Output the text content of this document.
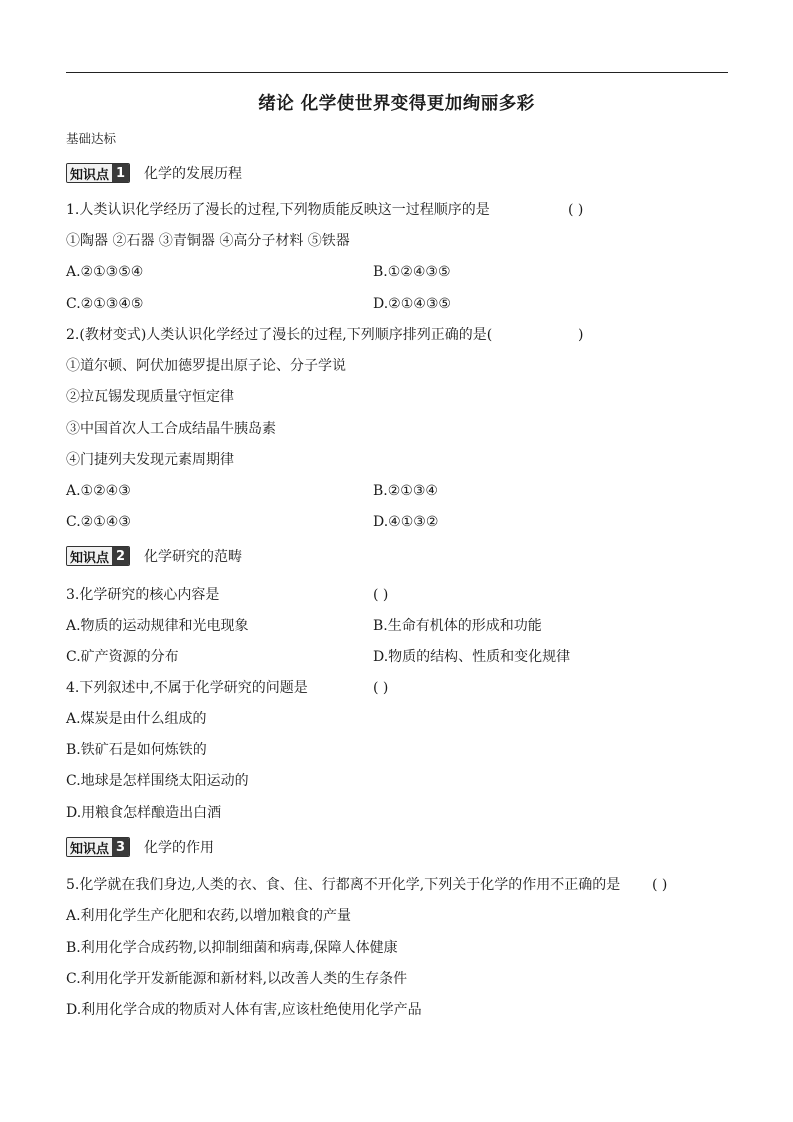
绪论 化学使世界变得更加绚丽多彩
基础达标
知识点 1 化学的发展历程
1.人类认识化学经历了漫长的过程,下列物质能反映这一过程顺序的是	( )
①陶器 ②石器 ③青铜器 ④高分子材料 ⑤铁器
A.②①③⑤④	B.①②④③⑤
C.②①③④⑤	D.②①④③⑤
2.(教材变式)人类认识化学经过了漫长的过程,下列顺序排列正确的是(	)
①道尔顿、阿伏加德罗提出原子论、分子学说
②拉瓦锡发现质量守恒定律
③中国首次人工合成结晶牛胰岛素
④门捷列夫发现元素周期律
A.①②④③	B.②①③④
C.②①④③	D.④①③②
知识点 2 化学研究的范畴
3.化学研究的核心内容是	( )
A.物质的运动规律和光电现象	B.生命有机体的形成和功能
C.矿产资源的分布	D.物质的结构、性质和变化规律
4.下列叙述中,不属于化学研究的问题是	( )
A.煤炭是由什么组成的
B.铁矿石是如何炼铁的
C.地球是怎样围绕太阳运动的
D.用粮食怎样酿造出白酒
知识点 3 化学的作用
5.化学就在我们身边,人类的衣、食、住、行都离不开化学,下列关于化学的作用不正确的是 ( )
A.利用化学生产化肥和农药,以增加粮食的产量
B.利用化学合成药物,以抑制细菌和病毒,保障人体健康
C.利用化学开发新能源和新材料,以改善人类的生存条件
D.利用化学合成的物质对人体有害,应该杜绝使用化学产品
